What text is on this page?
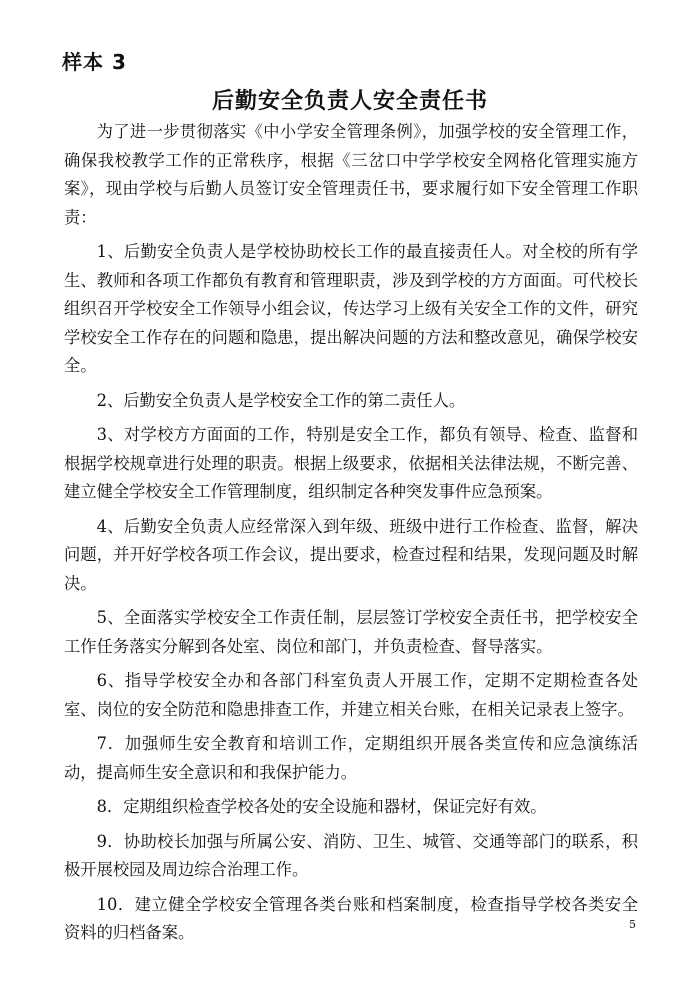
样本 3
后勤安全负责人安全责任书

为了进一步贯彻落实《中小学安全管理条例》，加强学校的安全管理工作，确保我校教学工作的正常秩序，根据《三岔口中学学校安全网格化管理实施方案》，现由学校与后勤人员签订安全管理责任书，要求履行如下安全管理工作职责：

1、后勤安全负责人是学校协助校长工作的最直接责任人。对全校的所有学生、教师和各项工作都负有教育和管理职责，涉及到学校的方方面面。可代校长组织召开学校安全工作领导小组会议，传达学习上级有关安全工作的文件，研究学校安全工作存在的问题和隐患，提出解决问题的方法和整改意见，确保学校安全。

2、后勤安全负责人是学校安全工作的第二责任人。

3、对学校方方面面的工作，特别是安全工作，都负有领导、检查、监督和根据学校规章进行处理的职责。根据上级要求，依据相关法律法规，不断完善、建立健全学校安全工作管理制度，组织制定各种突发事件应急预案。

4、后勤安全负责人应经常深入到年级、班级中进行工作检查、监督，解决问题，并开好学校各项工作会议，提出要求，检查过程和结果，发现问题及时解决。

5、全面落实学校安全工作责任制，层层签订学校安全责任书，把学校安全工作任务落实分解到各处室、岗位和部门，并负责检查、督导落实。

6、指导学校安全办和各部门科室负责人开展工作，定期不定期检查各处室、岗位的安全防范和隐患排查工作，并建立相关台账，在相关记录表上签字。

7．加强师生安全教育和培训工作，定期组织开展各类宣传和应急演练活动，提高师生安全意识和和我保护能力。

8．定期组织检查学校各处的安全设施和器材，保证完好有效。

9．协助校长加强与所属公安、消防、卫生、城管、交通等部门的联系，积极开展校园及周边综合治理工作。

10．建立健全学校安全管理各类台账和档案制度，检查指导学校各类安全资料的归档备案。	5
